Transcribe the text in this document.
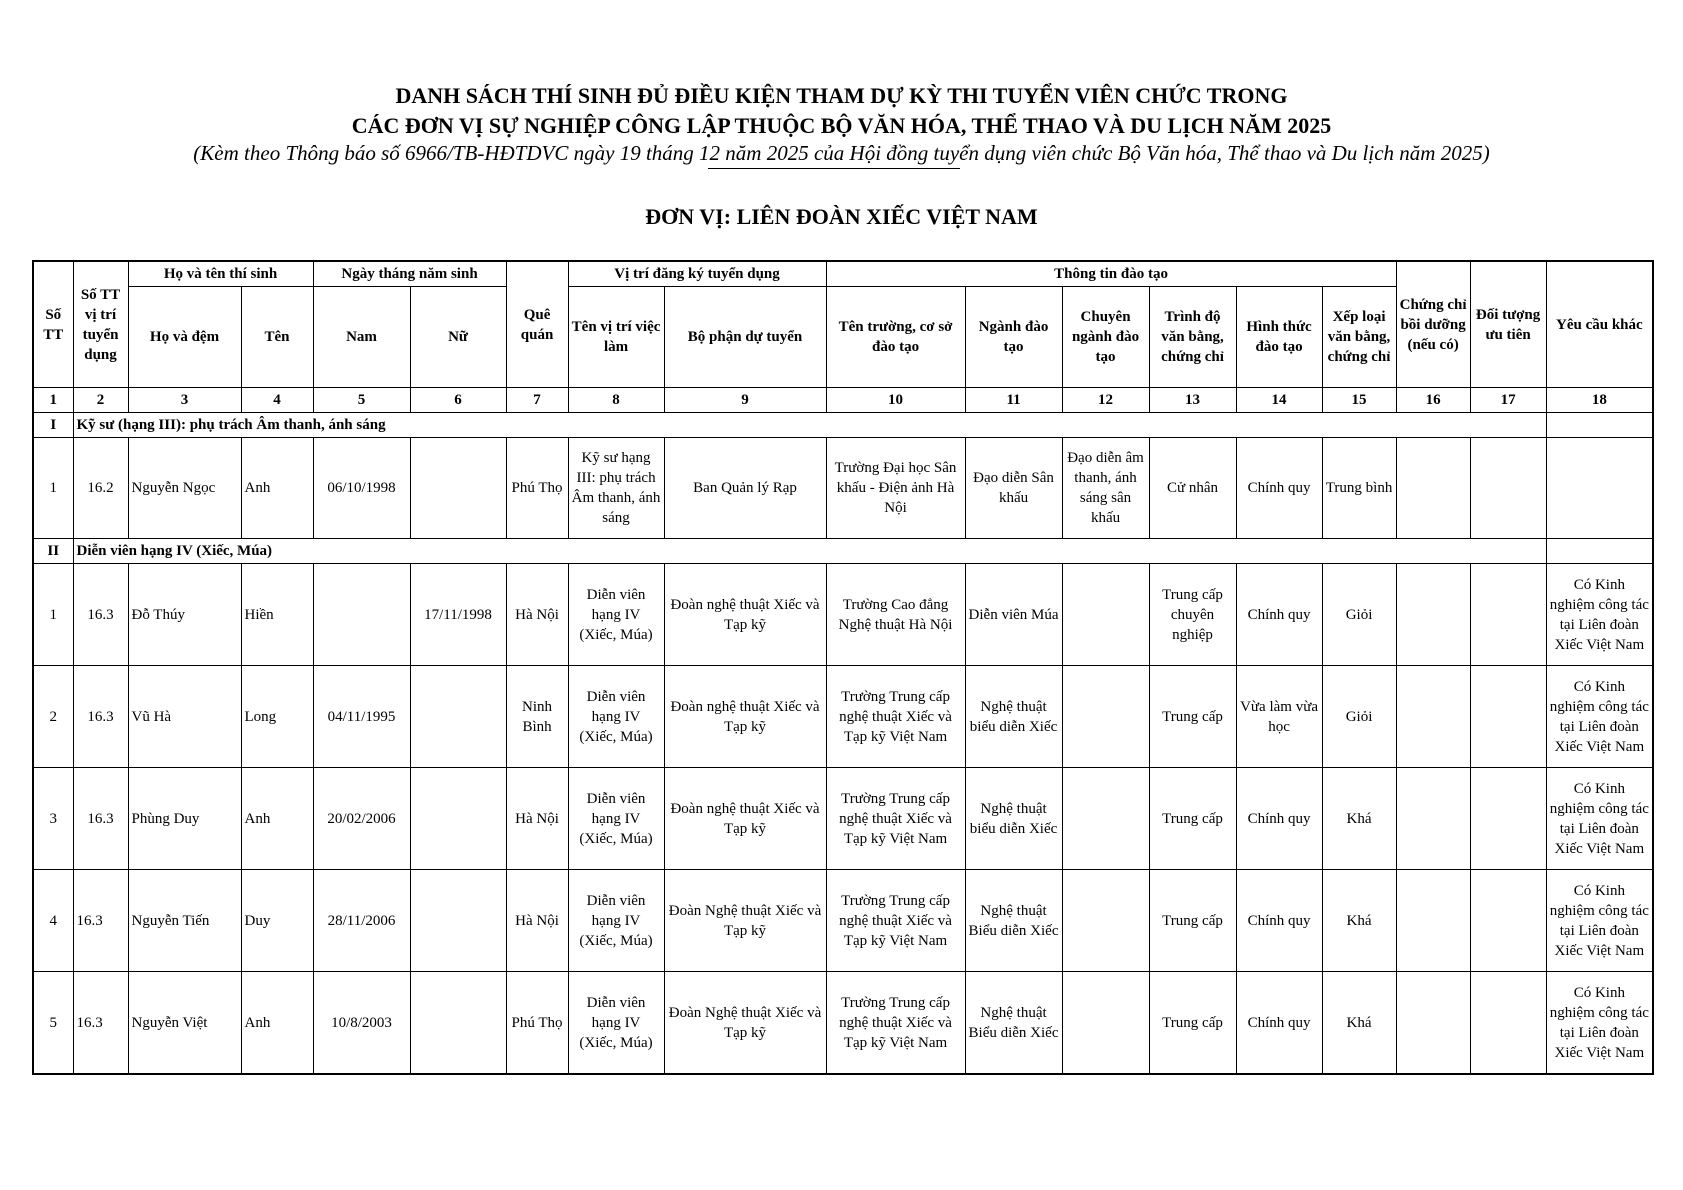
DANH SÁCH THÍ SINH ĐỦ ĐIỀU KIỆN THAM DỰ KỲ THI TUYỂN VIÊN CHỨC TRONG
CÁC ĐƠN VỊ SỰ NGHIỆP CÔNG LẬP THUỘC BỘ VĂN HÓA, THỂ THAO VÀ DU LỊCH NĂM 2025
(Kèm theo Thông báo số 6966/TB-HĐTDVC ngày 19 tháng 12 năm 2025 của Hội đồng tuyển dụng viên chức Bộ Văn hóa, Thể thao và Du lịch năm 2025)
ĐƠN VỊ: LIÊN ĐOÀN XIẾC VIỆT NAM
Số TT	Số TT vị trí tuyển dụng	Họ và tên thí sinh		Ngày tháng năm sinh		Quê quán	Vị trí đăng ký tuyển dụng		Thông tin đào tạo						Chứng chỉ bồi dưỡng (nếu có)	Đối tượng ưu tiên	Yêu cầu khác
		Họ và đệm	Tên	Nam	Nữ		Tên vị trí việc làm	Bộ phận dự tuyển	Tên trường, cơ sở đào tạo	Ngành đào tạo	Chuyên ngành đào tạo	Trình độ văn bằng, chứng chỉ	Hình thức đào tạo	Xếp loại văn bằng, chứng chỉ			
1	2	3	4	5	6	7	8	9	10	11	12	13	14	15	16	17	18
I	Kỹ sư (hạng III): phụ trách Âm thanh, ánh sáng																
1	16.2	Nguyễn Ngọc	Anh	06/10/1998		Phú Thọ	Kỹ sư hạng III: phụ trách Âm thanh, ánh sáng	Ban Quản lý Rạp	Trường Đại học Sân khấu - Điện ảnh Hà Nội	Đạo diễn Sân khấu	Đạo diễn âm thanh, ánh sáng sân khấu	Cử nhân	Chính quy	Trung bình			
II	Diễn viên hạng IV (Xiếc, Múa)																
1	16.3	Đỗ Thúy	Hiền		17/11/1998	Hà Nội	Diễn viên hạng IV (Xiếc, Múa)	Đoàn nghệ thuật Xiếc và Tạp kỹ	Trường Cao đẳng Nghệ thuật Hà Nội	Diễn viên Múa		Trung cấp chuyên nghiệp	Chính quy	Giỏi			Có Kinh nghiệm công tác tại Liên đoàn Xiếc Việt Nam
2	16.3	Vũ Hà	Long	04/11/1995		Ninh Bình	Diễn viên hạng IV (Xiếc, Múa)	Đoàn nghệ thuật Xiếc và Tạp kỹ	Trường Trung cấp nghệ thuật Xiếc và Tạp kỹ Việt Nam	Nghệ thuật biểu diễn Xiếc		Trung cấp	Vừa làm vừa học	Giỏi			Có Kinh nghiệm công tác tại Liên đoàn Xiếc Việt Nam
3	16.3	Phùng Duy	Anh	20/02/2006		Hà Nội	Diễn viên hạng IV (Xiếc, Múa)	Đoàn nghệ thuật Xiếc và Tạp kỹ	Trường Trung cấp nghệ thuật Xiếc và Tạp kỹ Việt Nam	Nghệ thuật biểu diễn Xiếc		Trung cấp	Chính quy	Khá			Có Kinh nghiệm công tác tại Liên đoàn Xiếc Việt Nam
4	16.3	Nguyễn Tiến	Duy	28/11/2006		Hà Nội	Diễn viên hạng IV (Xiếc, Múa)	Đoàn Nghệ thuật Xiếc và Tạp kỹ	Trường Trung cấp nghệ thuật Xiếc và Tạp kỹ Việt Nam	Nghệ thuật Biểu diễn Xiếc		Trung cấp	Chính quy	Khá			Có Kinh nghiệm công tác tại Liên đoàn Xiếc Việt Nam
5	16.3	Nguyễn Việt	Anh	10/8/2003		Phú Thọ	Diễn viên hạng IV (Xiếc, Múa)	Đoàn Nghệ thuật Xiếc và Tạp kỹ	Trường Trung cấp nghệ thuật Xiếc và Tạp kỹ Việt Nam	Nghệ thuật Biểu diễn Xiếc		Trung cấp	Chính quy	Khá			Có Kinh nghiệm công tác tại Liên đoàn Xiếc Việt Nam
